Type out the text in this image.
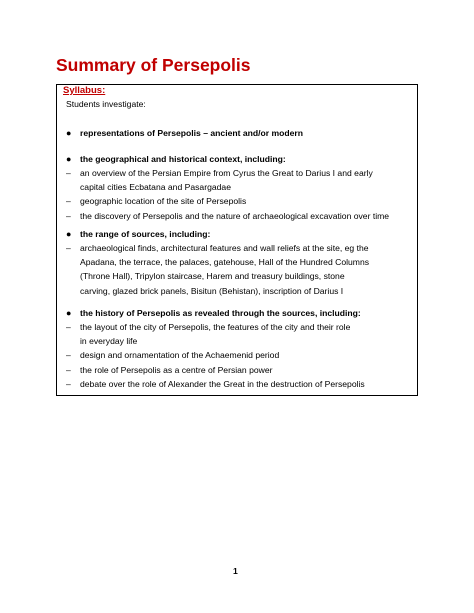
Summary of Persepolis
Syllabus:
Students investigate:
● representations of Persepolis – ancient and/or modern
● the geographical and historical context, including:
– an overview of the Persian Empire from Cyrus the Great to Darius I and early
capital cities Ecbatana and Pasargadae
– geographic location of the site of Persepolis
– the discovery of Persepolis and the nature of archaeological excavation over time
● the range of sources, including:
– archaeological finds, architectural features and wall reliefs at the site, eg the
Apadana, the terrace, the palaces, gatehouse, Hall of the Hundred Columns
(Throne Hall), Tripylon staircase, Harem and treasury buildings, stone
carving, glazed brick panels, Bisitun (Behistan), inscription of Darius I
● the history of Persepolis as revealed through the sources, including:
– the layout of the city of Persepolis, the features of the city and their role
in everyday life
– design and ornamentation of the Achaemenid period
– the role of Persepolis as a centre of Persian power
– debate over the role of Alexander the Great in the destruction of Persepolis
1
